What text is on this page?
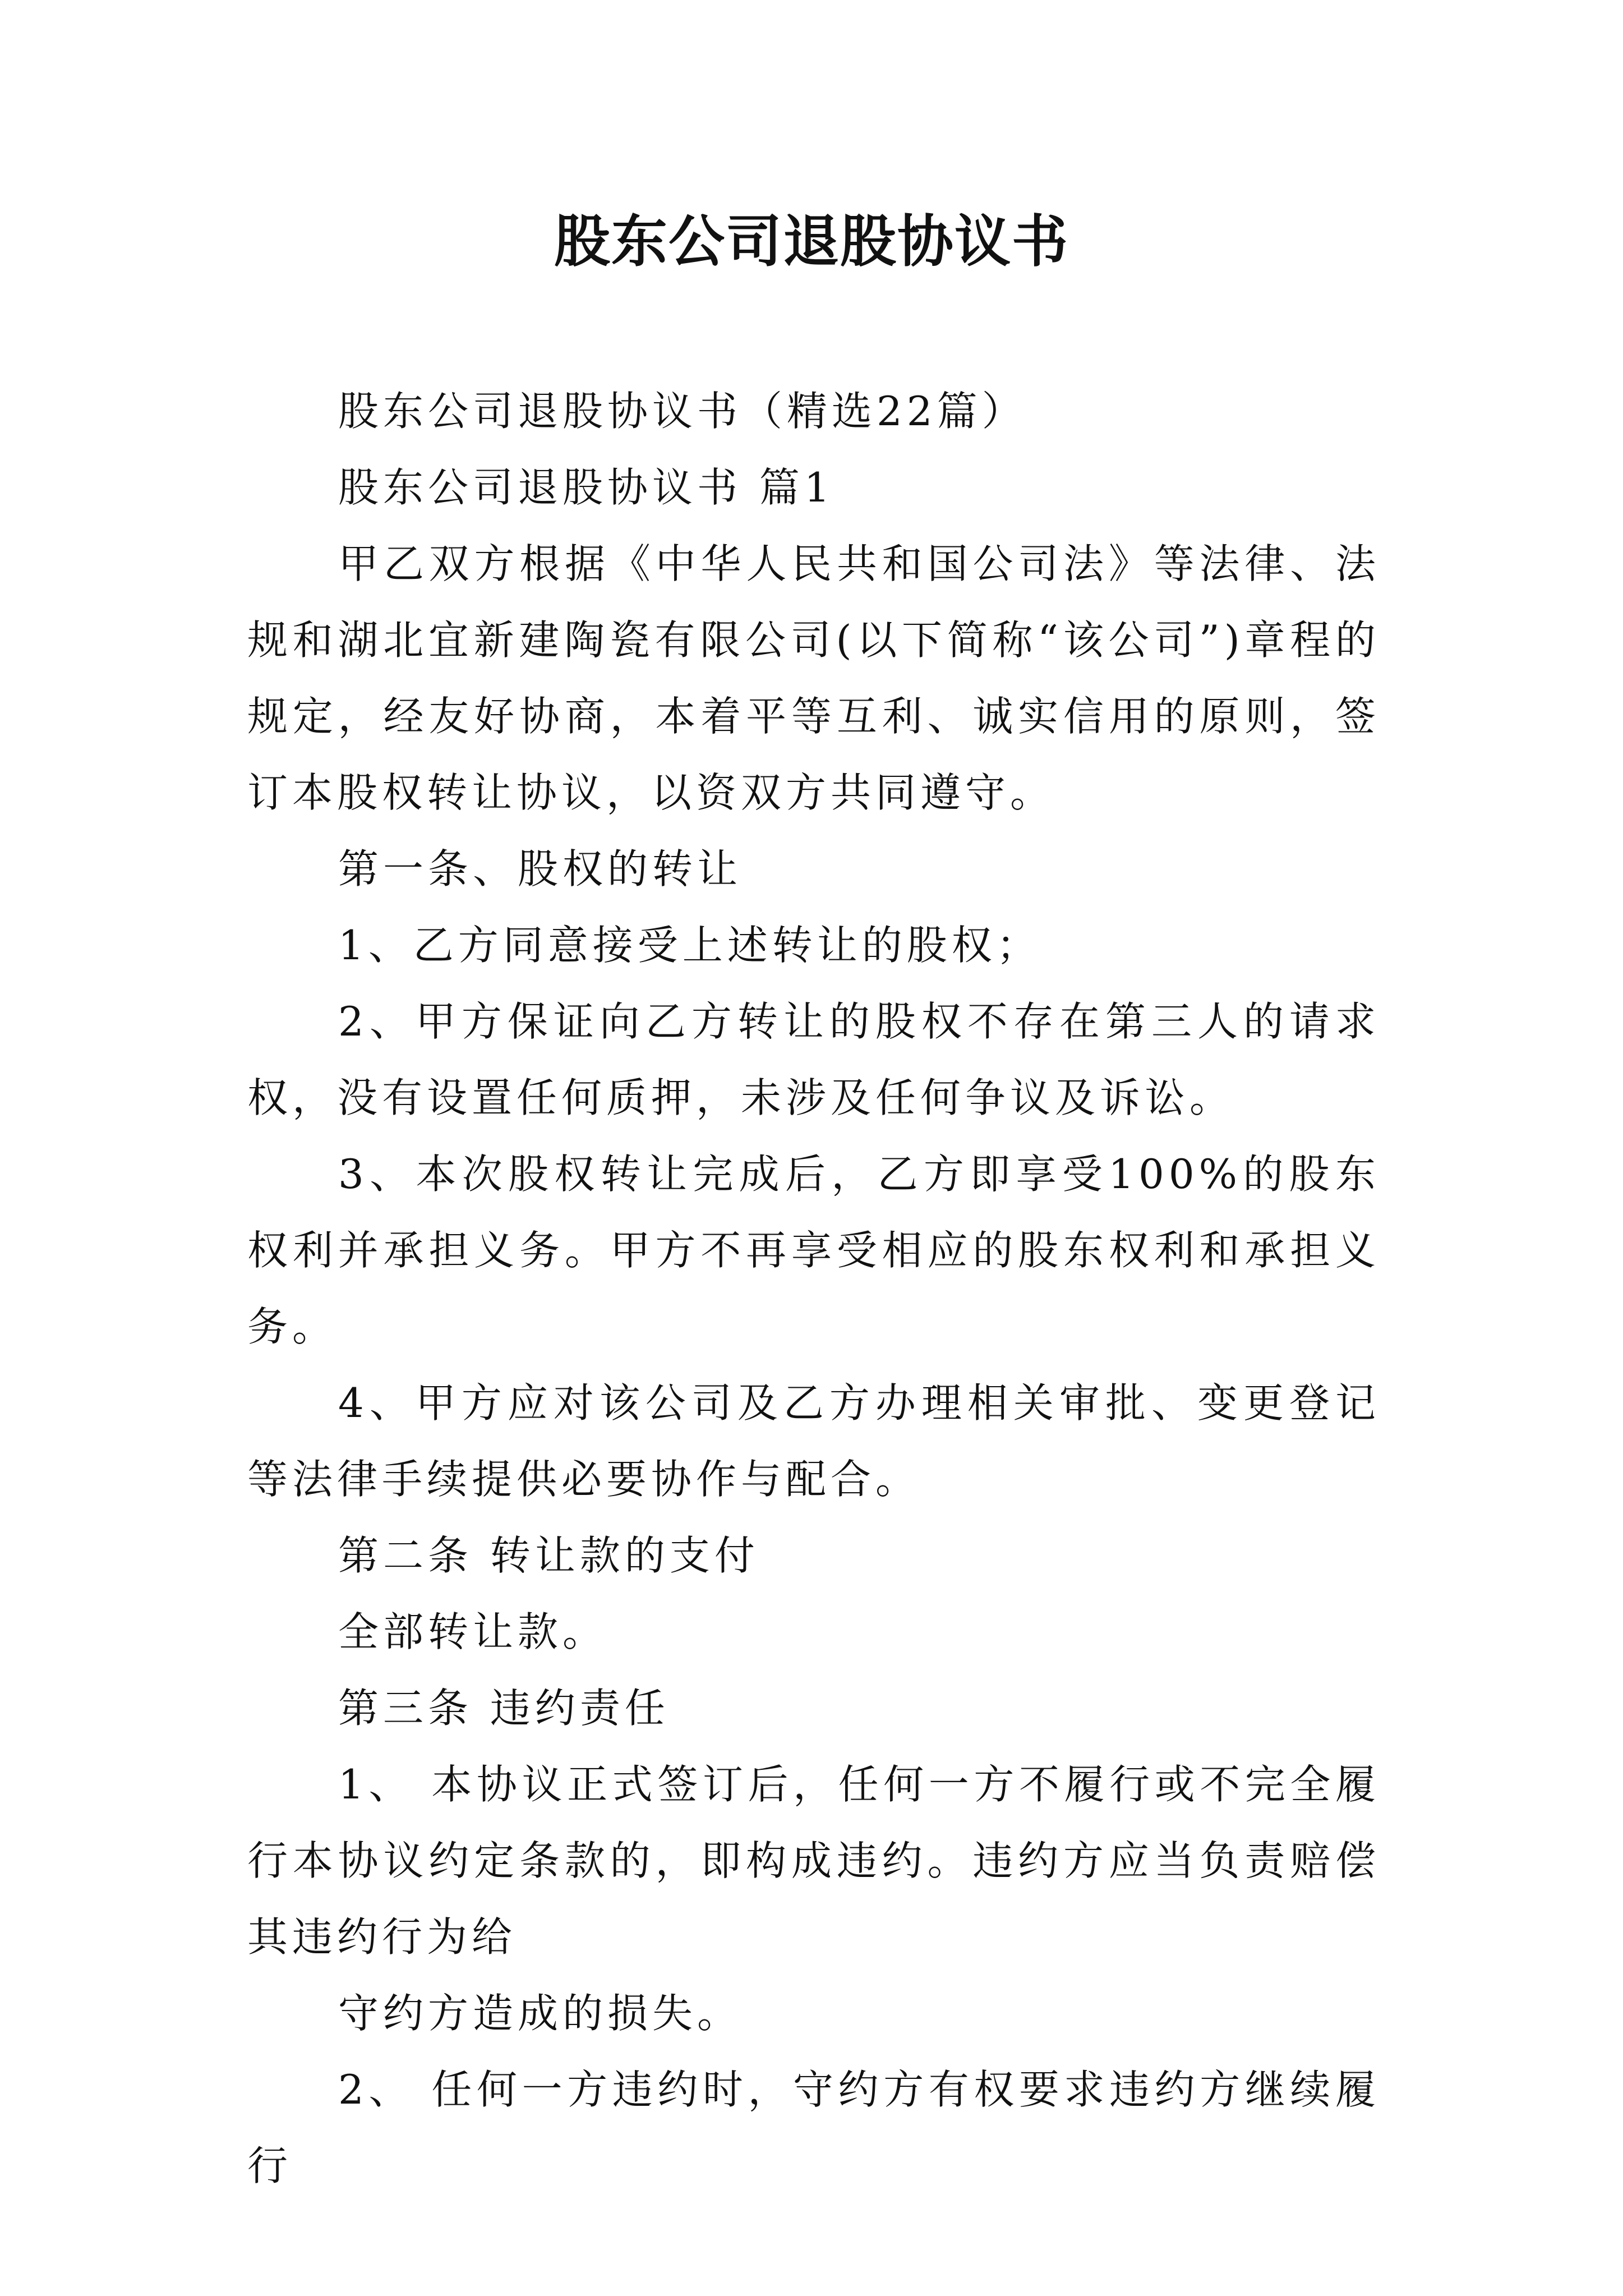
股东公司退股协议书

股东公司退股协议书（精选22篇）

股东公司退股协议书 篇1

甲乙双方根据《中华人民共和国公司法》等法律、法规和湖北宜新建陶瓷有限公司(以下简称“该公司”)章程的规定，经友好协商，本着平等互利、诚实信用的原则，签订本股权转让协议，以资双方共同遵守。

第一条、股权的转让

1、乙方同意接受上述转让的股权；

2、甲方保证向乙方转让的股权不存在第三人的请求权，没有设置任何质押，未涉及任何争议及诉讼。

3、本次股权转让完成后，乙方即享受100%的股东权利并承担义务。甲方不再享受相应的股东权利和承担义务。

4、甲方应对该公司及乙方办理相关审批、变更登记等法律手续提供必要协作与配合。

第二条 转让款的支付

全部转让款。

第三条 违约责任

1、 本协议正式签订后，任何一方不履行或不完全履行本协议约定条款的，即构成违约。违约方应当负责赔偿其违约行为给

守约方造成的损失。

2、 任何一方违约时，守约方有权要求违约方继续履行
